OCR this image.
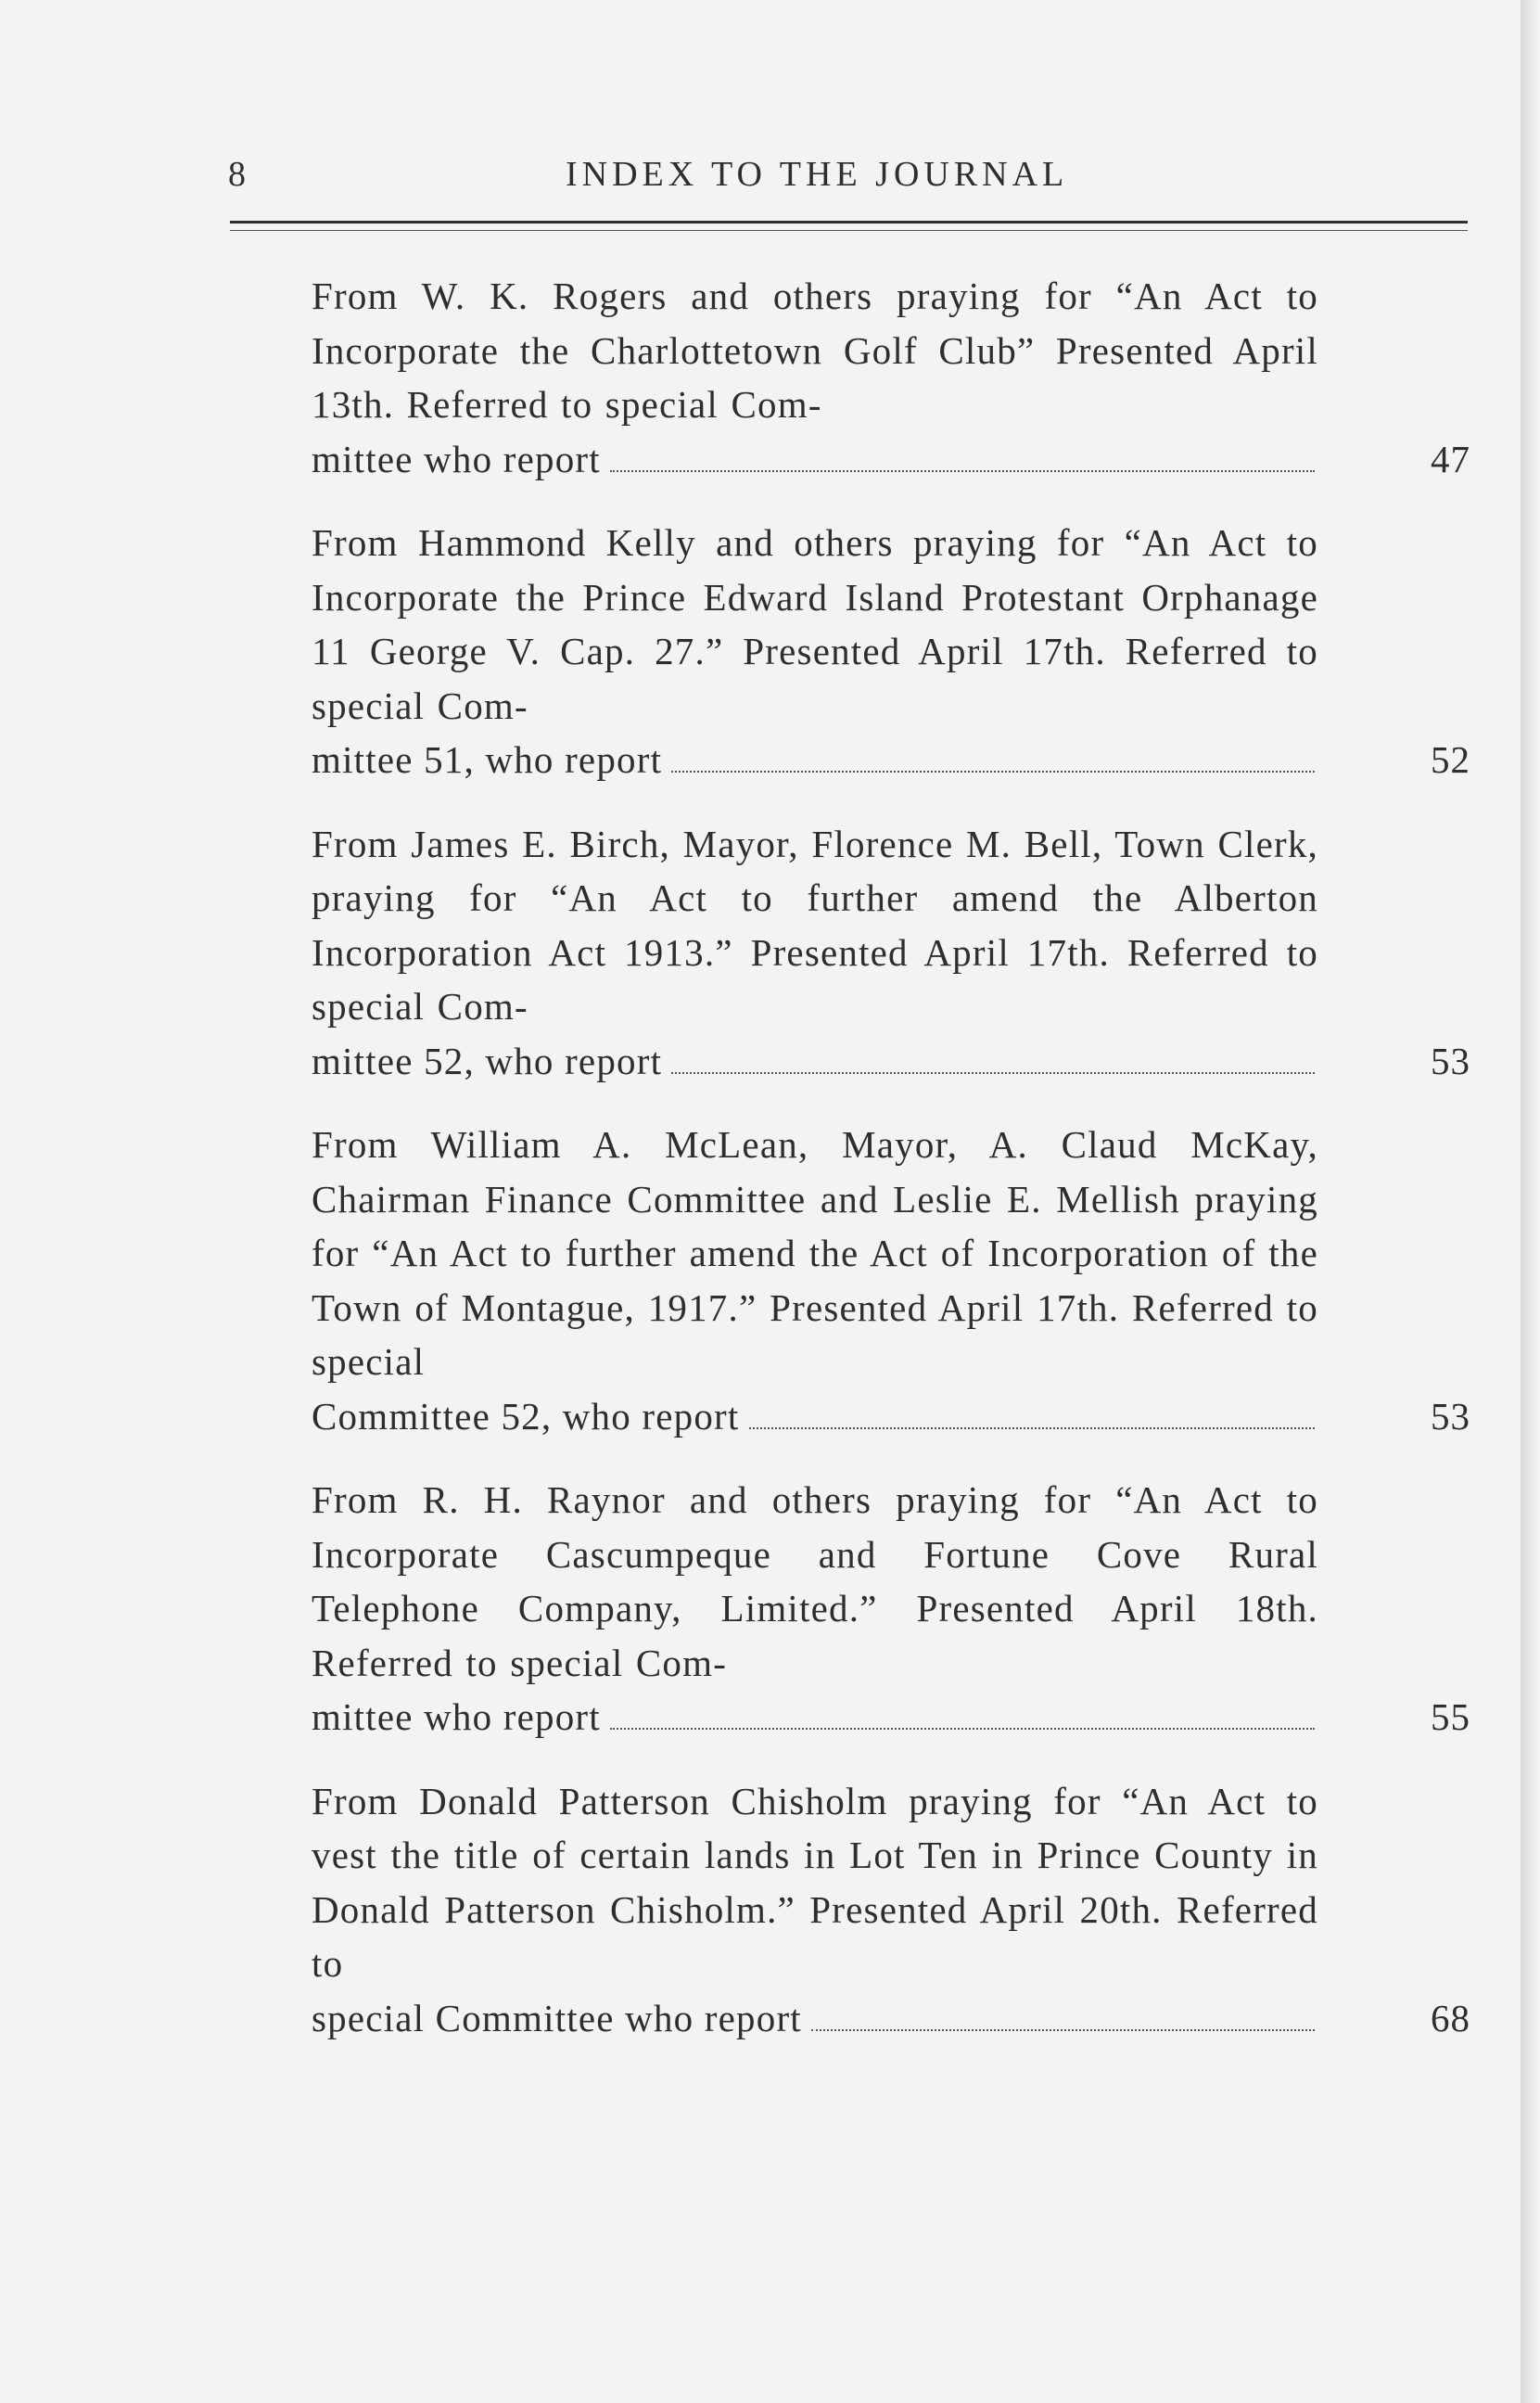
8	INDEX TO THE JOURNAL
From W. K. Rogers and others praying for “An Act to Incorporate the Charlottetown Golf Club” Presented April 13th. Referred to special Com-
mittee who report	47
From Hammond Kelly and others praying for “An Act to Incorporate the Prince Edward Island Protestant Orphanage 11 George V. Cap. 27.” Presented April 17th. Referred to special Com-
mittee 51, who report	52
From James E. Birch, Mayor, Florence M. Bell, Town Clerk, praying for “An Act to further amend the Alberton Incorporation Act 1913.” Presented April 17th. Referred to special Com-
mittee 52, who report	53
From William A. McLean, Mayor, A. Claud McKay, Chairman Finance Committee and Leslie E. Mellish praying for “An Act to further amend the Act of Incorporation of the Town of Montague, 1917.” Presented April 17th. Referred to special
Committee 52, who report	53
From R. H. Raynor and others praying for “An Act to Incorporate Cascumpeque and Fortune Cove Rural Telephone Company, Limited.” Presented April 18th. Referred to special Com-
mittee who report	55
From Donald Patterson Chisholm praying for “An Act to vest the title of certain lands in Lot Ten in Prince County in Donald Patterson Chisholm.” Presented April 20th. Referred to
special Committee who report	68
